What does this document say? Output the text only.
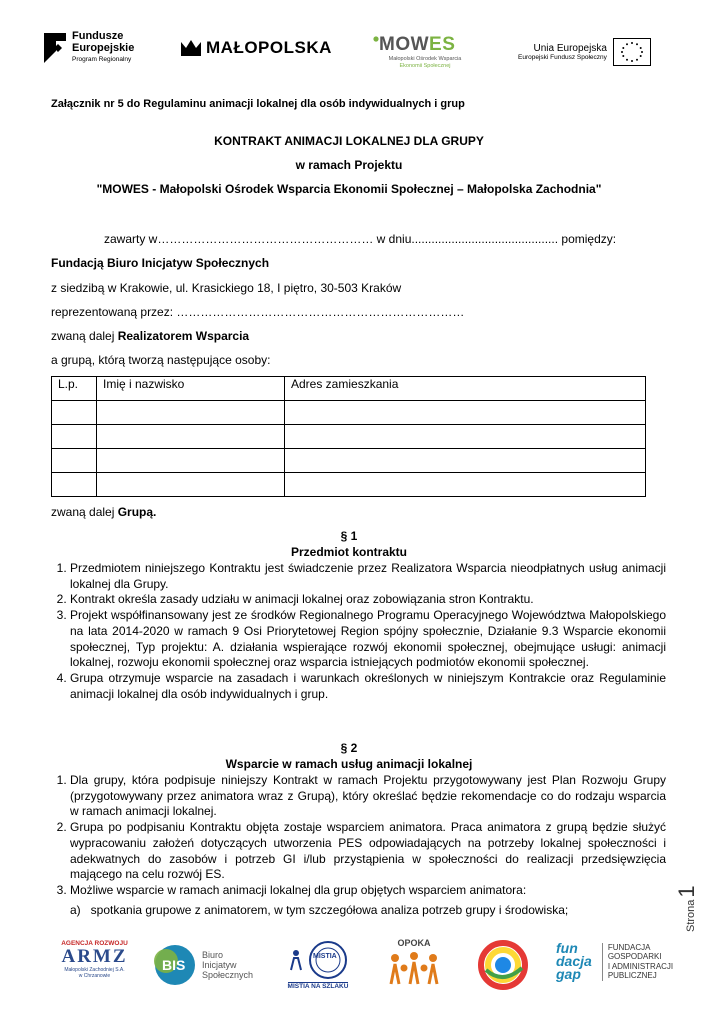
Fundusze
Europejskie
Program Regionalny
MAŁOPOLSKA MOWES
Małopolski Ośrodek Wsparcia
Ekonomii Społecznej
Unia Europejska
Europejski Fundusz Społeczny
Załącznik nr 5 do Regulaminu animacji lokalnej dla osób indywidualnych i grup
KONTRAKT ANIMACJI LOKALNEJ DLA GRUPY
w ramach Projektu
"MOWES - Małopolski Ośrodek Wsparcia Ekonomii Społecznej – Małopolska Zachodnia"
zawarty w……………………………………………… w dniu............................................ pomiędzy:
Fundacją Biuro Inicjatyw Społecznych
z siedzibą w Krakowie, ul. Krasickiego 18, I piętro, 30-503 Kraków
reprezentowaną przez: ………………………………………………………………
zwaną dalej Realizatorem Wsparcia
a grupą, którą tworzą następujące osoby:
L.p.	Imię i nazwisko	Adres zamieszkania

zwaną dalej Grupą.
§ 1
Przedmiot kontraktu
1. Przedmiotem niniejszego Kontraktu jest świadczenie przez Realizatora Wsparcia nieodpłatnych usług animacji lokalnej dla Grupy.
2. Kontrakt określa zasady udziału w animacji lokalnej oraz zobowiązania stron Kontraktu.
3. Projekt współfinansowany jest ze środków Regionalnego Programu Operacyjnego Województwa Małopolskiego na lata 2014-2020 w ramach 9 Osi Priorytetowej Region spójny społecznie, Działanie 9.3 Wsparcie ekonomii społecznej, Typ projektu: A. działania wspierające rozwój ekonomii społecznej, obejmujące usługi: animacji lokalnej, rozwoju ekonomii społecznej oraz wsparcia istniejących podmiotów ekonomii społecznej.
4. Grupa otrzymuje wsparcie na zasadach i warunkach określonych w niniejszym Kontrakcie oraz Regulaminie animacji lokalnej dla osób indywidualnych i grup.
§ 2
Wsparcie w ramach usług animacji lokalnej
1. Dla grupy, która podpisuje niniejszy Kontrakt w ramach Projektu przygotowywany jest Plan Rozwoju Grupy (przygotowywany przez animatora wraz z Grupą), który określać będzie rekomendacje co do rodzaju wsparcia w ramach animacji lokalnej.
2. Grupa po podpisaniu Kontraktu objęta zostaje wsparciem animatora. Praca animatora z grupą będzie służyć wypracowaniu założeń dotyczących utworzenia PES odpowiadających na potrzeby lokalnej społeczności i adekwatnych do zasobów i potrzeb GI i/lub przystąpienia w społeczności do realizacji przedsięwzięcia mającego na celu rozwój ES.
3. Możliwe wsparcie w ramach animacji lokalnej dla grup objętych wsparciem animatora:
a) spotkania grupowe z animatorem, w tym szczegółowa analiza potrzeb grupy i środowiska;	Strona1
AGENCJA ROZWOJU
ARMZ
Małopolski Zachodniej S.A.
w Chrzanowie
BIS
Biuro
Inicjatyw
Społecznych
MISTIA
MISTIA NA SZLAKU
OPOKA	fun
dacja
gap
FUNDACJA
GOSPODARKI
I ADMINISTRACJI
PUBLICZNEJ
